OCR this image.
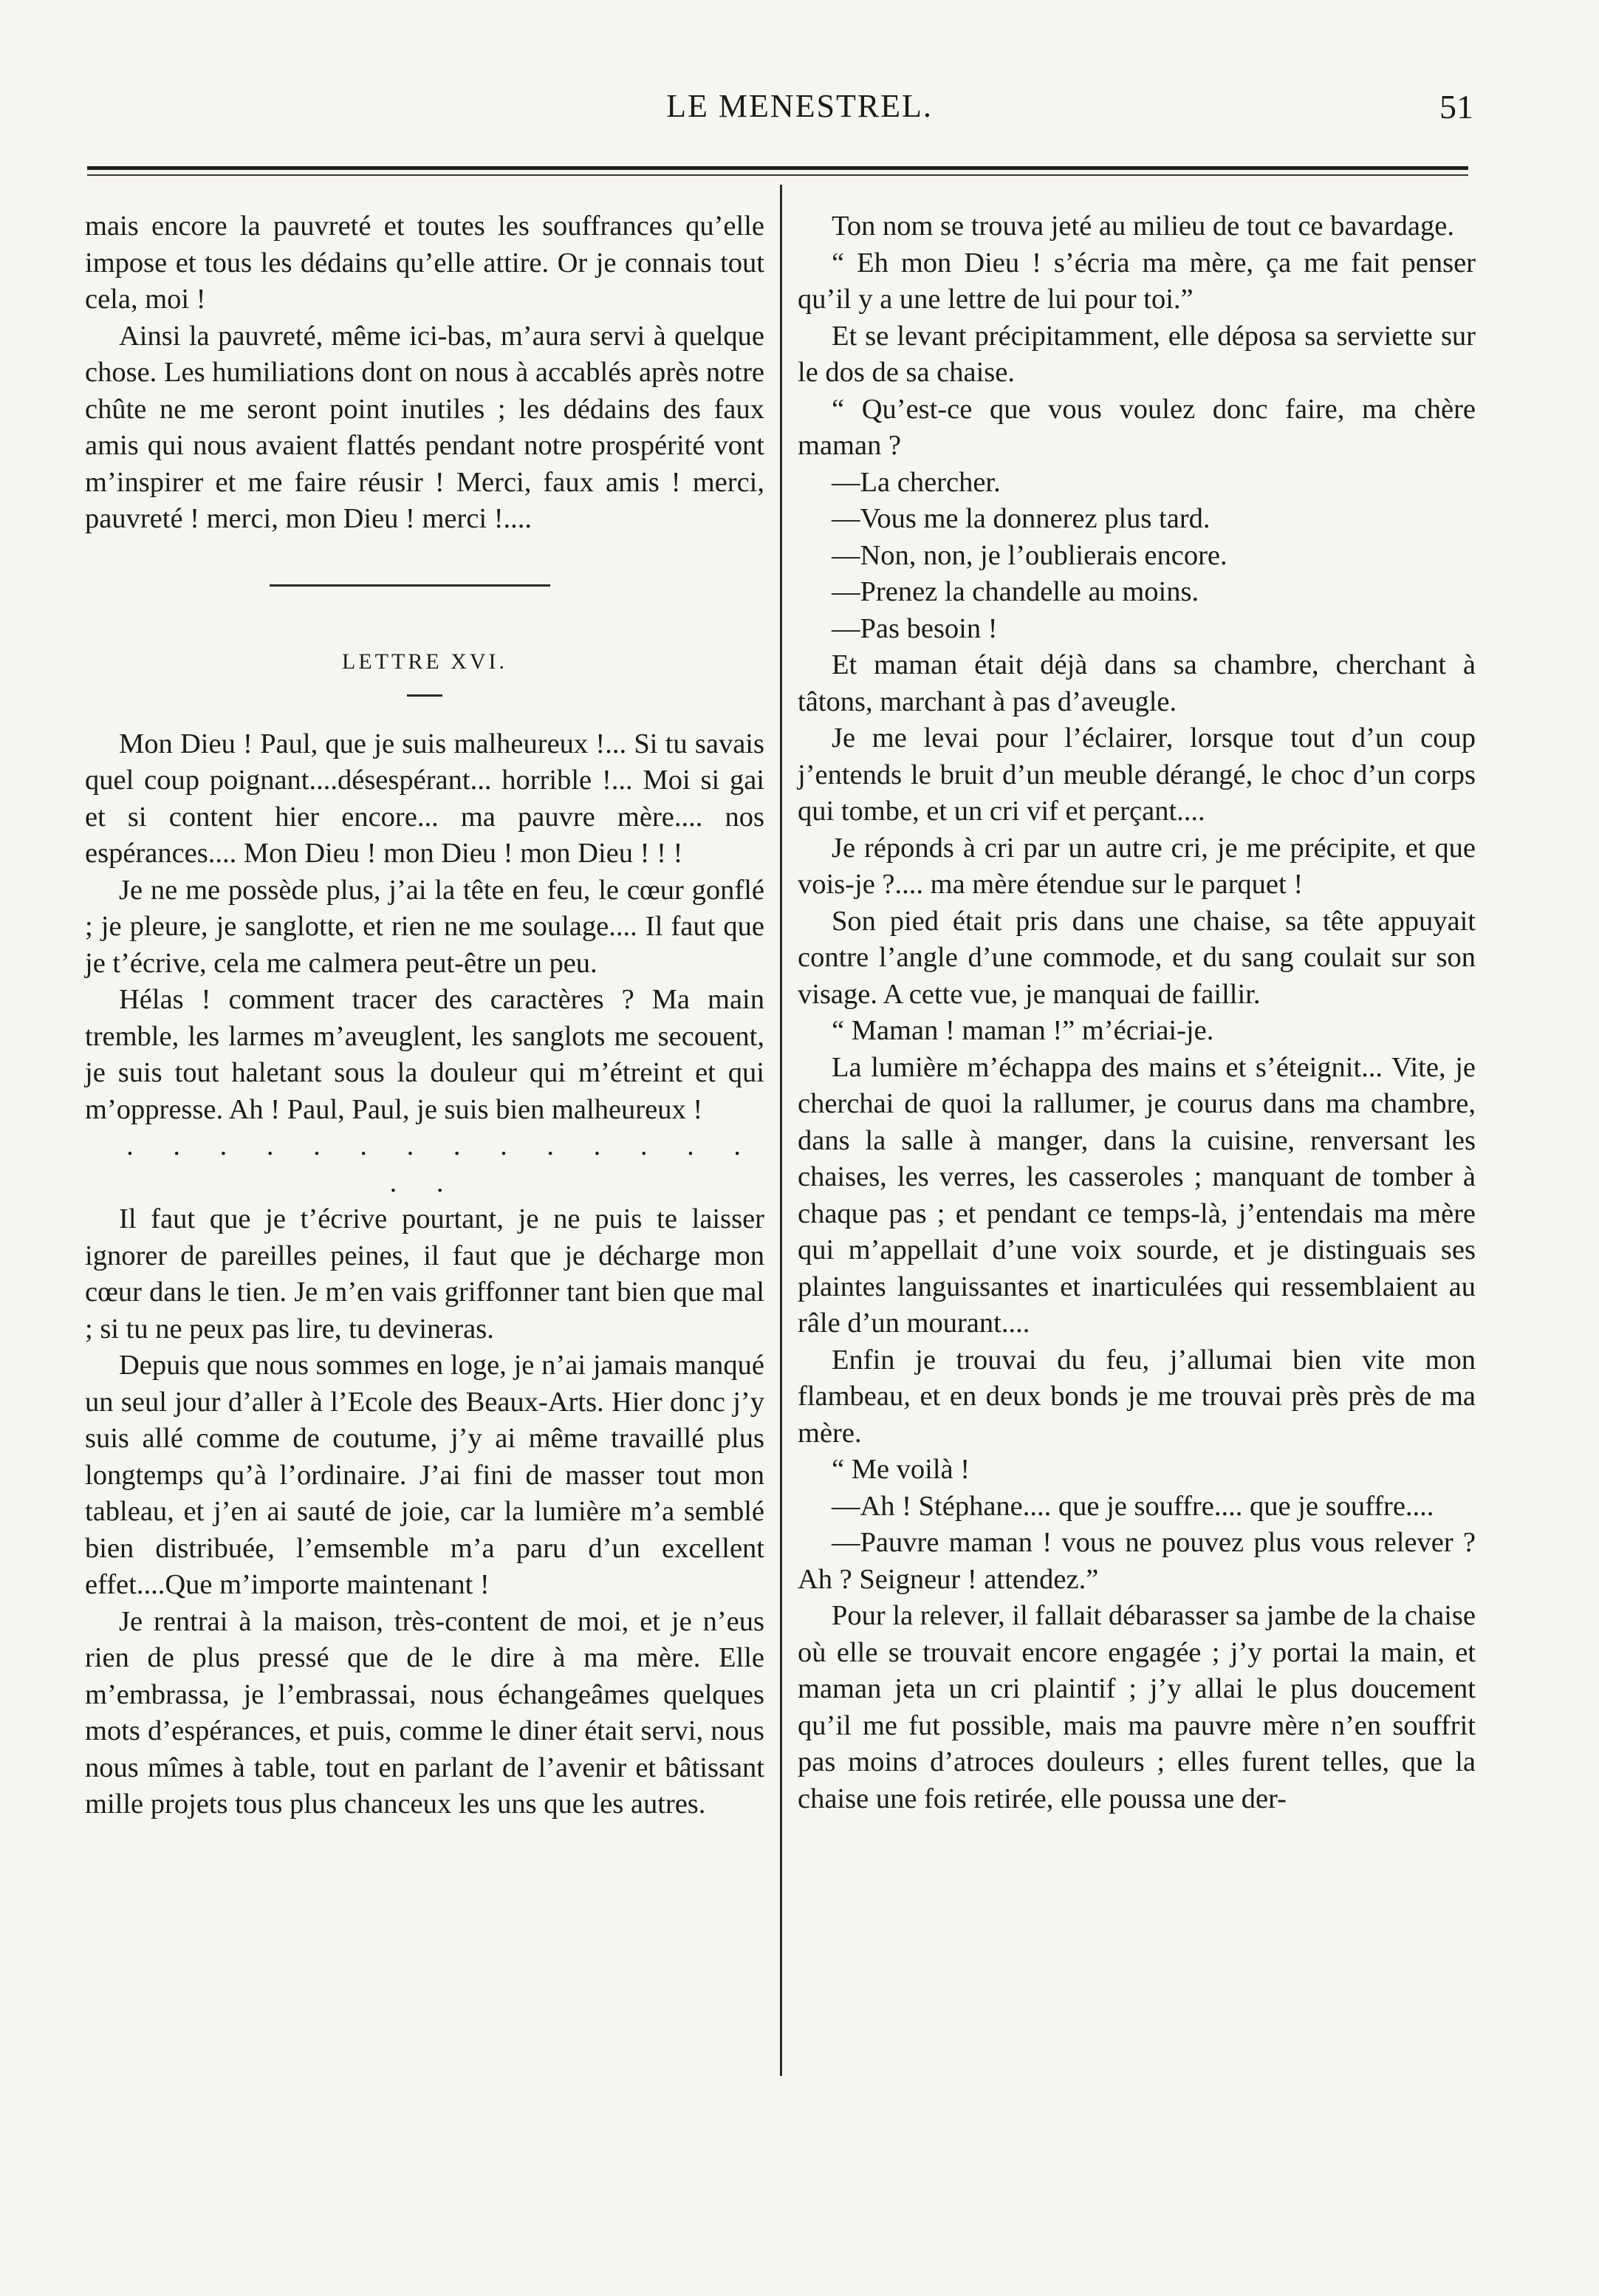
LE MENESTREL.	51

mais encore la pauvreté et toutes les souffrances qu’elle impose et tous les dédains qu’elle attire. Or je connais tout cela, moi !

Ainsi la pauvreté, même ici-bas, m’aura servi à quelque chose. Les humiliations dont on nous à accablés après notre chûte ne me seront point inutiles ; les dédains des faux amis qui nous avaient flattés pendant notre prospérité vont m’inspirer et me faire réusir ! Merci, faux amis ! merci, pauvreté ! merci, mon Dieu ! merci !....

LETTRE XVI.

Mon Dieu ! Paul, que je suis malheureux !... Si tu savais quel coup poignant....désespérant... horrible !... Moi si gai et si content hier encore... ma pauvre mère.... nos espérances.... Mon Dieu ! mon Dieu ! mon Dieu ! ! !

Je ne me possède plus, j’ai la tête en feu, le cœur gonflé ; je pleure, je sanglotte, et rien ne me soulage.... Il faut que je t’écrive, cela me calmera peut-être un peu.

Hélas ! comment tracer des caractères ? Ma main tremble, les larmes m’aveuglent, les sanglots me secouent, je suis tout haletant sous la douleur qui m’étreint et qui m’oppresse. Ah ! Paul, Paul, je suis bien malheureux !

. . . . . . . . . . . . . . . .

Il faut que je t’écrive pourtant, je ne puis te laisser ignorer de pareilles peines, il faut que je décharge mon cœur dans le tien. Je m’en vais griffonner tant bien que mal ; si tu ne peux pas lire, tu devineras.

Depuis que nous sommes en loge, je n’ai jamais manqué un seul jour d’aller à l’Ecole des Beaux-Arts. Hier donc j’y suis allé comme de coutume, j’y ai même travaillé plus longtemps qu’à l’ordinaire. J’ai fini de masser tout mon tableau, et j’en ai sauté de joie, car la lumière m’a semblé bien distribuée, l’emsemble m’a paru d’un excellent effet....Que m’importe maintenant !

Je rentrai à la maison, très-content de moi, et je n’eus rien de plus pressé que de le dire à ma mère. Elle m’embrassa, je l’embrassai, nous échangeâmes quelques mots d’espérances, et puis, comme le diner était servi, nous nous mîmes à table, tout en parlant de l’avenir et bâtissant mille projets tous plus chanceux les uns que les autres.

Ton nom se trouva jeté au milieu de tout ce bavardage.

“ Eh mon Dieu ! s’écria ma mère, ça me fait penser qu’il y a une lettre de lui pour toi.”

Et se levant précipitamment, elle déposa sa serviette sur le dos de sa chaise.

“ Qu’est-ce que vous voulez donc faire, ma chère maman ?

—La chercher.

—Vous me la donnerez plus tard.

—Non, non, je l’oublierais encore.

—Prenez la chandelle au moins.

—Pas besoin !

Et maman était déjà dans sa chambre, cherchant à tâtons, marchant à pas d’aveugle.

Je me levai pour l’éclairer, lorsque tout d’un coup j’entends le bruit d’un meuble dérangé, le choc d’un corps qui tombe, et un cri vif et perçant....

Je réponds à cri par un autre cri, je me précipite, et que vois-je ?.... ma mère étendue sur le parquet !

Son pied était pris dans une chaise, sa tête appuyait contre l’angle d’une commode, et du sang coulait sur son visage. A cette vue, je manquai de faillir.

“ Maman ! maman !” m’écriai-je.

La lumière m’échappa des mains et s’éteignit... Vite, je cherchai de quoi la rallumer, je courus dans ma chambre, dans la salle à manger, dans la cuisine, renversant les chaises, les verres, les casseroles ; manquant de tomber à chaque pas ; et pendant ce temps-là, j’entendais ma mère qui m’appellait d’une voix sourde, et je distinguais ses plaintes languissantes et inarticulées qui ressemblaient au râle d’un mourant....

Enfin je trouvai du feu, j’allumai bien vite mon flambeau, et en deux bonds je me trouvai près près de ma mère.

“ Me voilà !

—Ah ! Stéphane.... que je souffre.... que je souffre....

—Pauvre maman ! vous ne pouvez plus vous relever ? Ah ? Seigneur ! attendez.”

Pour la relever, il fallait débarasser sa jambe de la chaise où elle se trouvait encore engagée ; j’y portai la main, et maman jeta un cri plaintif ; j’y allai le plus doucement qu’il me fut possible, mais ma pauvre mère n’en souffrit pas moins d’atroces douleurs ; elles furent telles, que la chaise une fois retirée, elle poussa une der-
